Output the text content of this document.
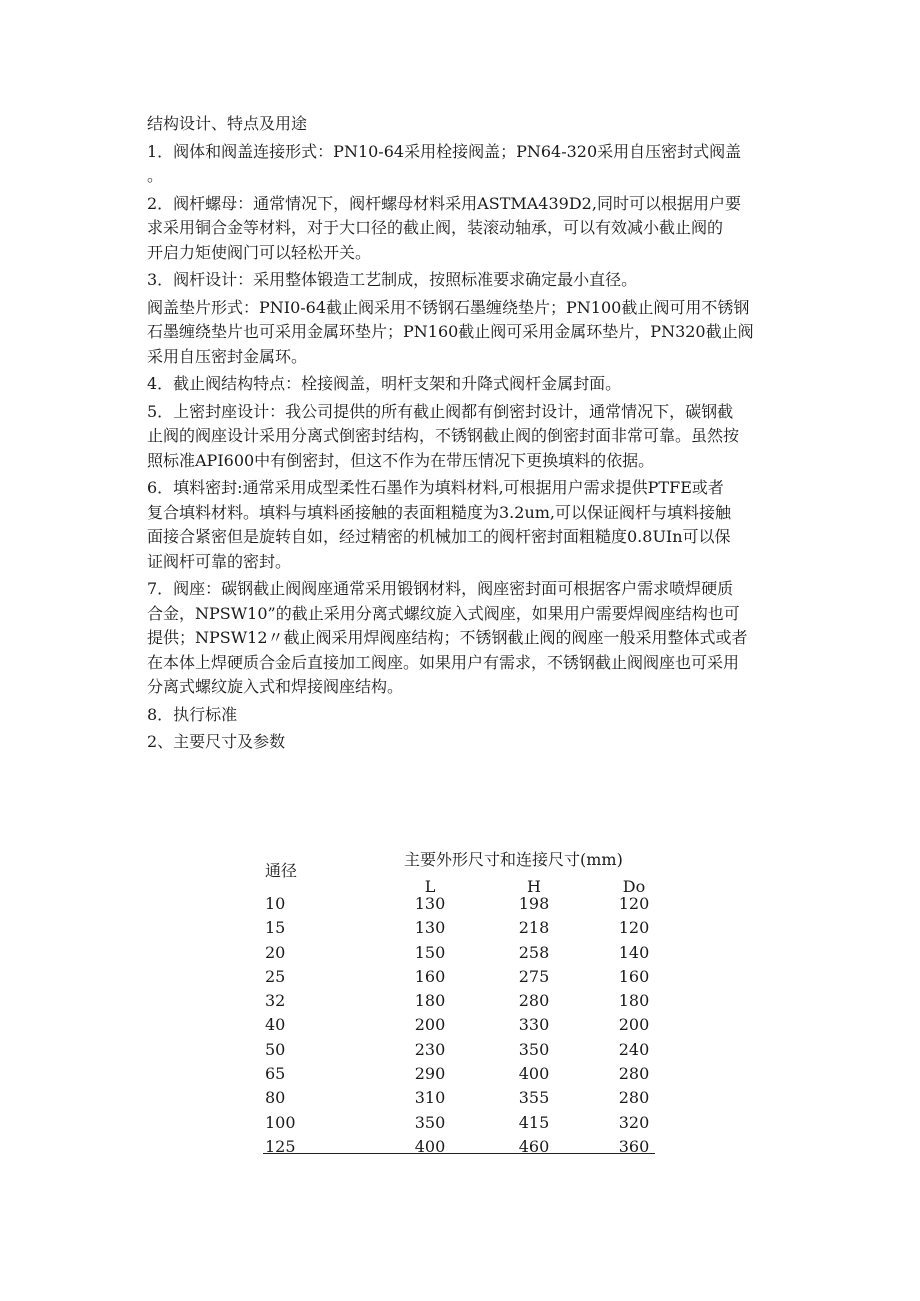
结构设计、特点及用途
1．阀体和阀盖连接形式：PN10-64采用栓接阀盖；PN64-320采用自压密封式阀盖
。
2．阀杆螺母：通常情况下，阀杆螺母材料采用ASTMA439D2,同时可以根据用户要
求采用铜合金等材料，对于大口径的截止阀，装滚动轴承，可以有效减小截止阀的
开启力矩使阀门可以轻松开关。
3．阀杆设计：采用整体锻造工艺制成，按照标准要求确定最小直径。
阀盖垫片形式：PNI0-64截止阀采用不锈钢石墨缠绕垫片；PN100截止阀可用不锈钢
石墨缠绕垫片也可采用金属环垫片；PN160截止阀可采用金属环垫片，PN320截止阀
采用自压密封金属环。
4．截止阀结构特点：栓接阀盖，明杆支架和升降式阀杆金属封面。
5．上密封座设计：我公司提供的所有截止阀都有倒密封设计，通常情况下，碳钢截
止阀的阀座设计采用分离式倒密封结构，不锈钢截止阀的倒密封面非常可靠。虽然按
照标准API600中有倒密封，但这不作为在带压情况下更换填料的依据。
6．填料密封:通常采用成型柔性石墨作为填料材料,可根据用户需求提供PTFE或者
复合填料材料。填料与填料函接触的表面粗糙度为3.2um,可以保证阀杆与填料接触
面接合紧密但是旋转自如，经过精密的机械加工的阀杆密封面粗糙度0.8UIn可以保
证阀杆可靠的密封。
7．阀座：碳钢截止阀阀座通常采用锻钢材料，阀座密封面可根据客户需求喷焊硬质
合金，NPSW10”的截止采用分离式螺纹旋入式阀座，如果用户需要焊阀座结构也可
提供；NPSW12〃截止阀采用焊阀座结构；不锈钢截止阀的阀座一般采用整体式或者
在本体上焊硬质合金后直接加工阀座。如果用户有需求，不锈钢截止阀阀座也可采用
分离式螺纹旋入式和焊接阀座结构。
8．执行标准
2、主要尺寸及参数
主要外形尺寸和连接尺寸(mm)
通径
L	H	Do
10	130	198	120
15	130	218	120
20	150	258	140
25	160	275	160
32	180	280	180
40	200	330	200
50	230	350	240
65	290	400	280
80	310	355	280
100	350	415	320
125	400	460	360
